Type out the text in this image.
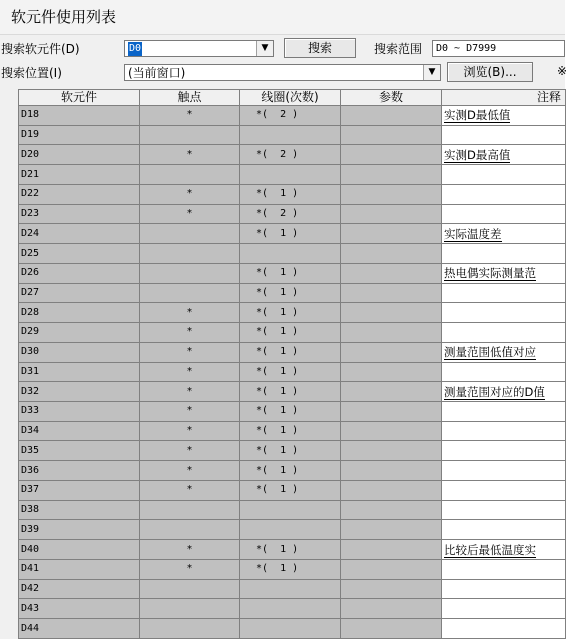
软元件使用列表
搜索软元件(D)	D0	▼	搜索	搜索范围	D0 ~ D7999
搜索位置(I)	(当前窗口)	▼	浏览(B)...	※
软元件	触点	线圈(次数)	参数	注释
D18	*	*(  2 )		实测D最低值
D19				
D20	*	*(  2 )		实测D最高值
D21				
D22	*	*(  1 )		
D23	*	*(  2 )		
D24		*(  1 )		实际温度差
D25				
D26		*(  1 )		热电偶实际测量范
D27		*(  1 )		
D28	*	*(  1 )		
D29	*	*(  1 )		
D30	*	*(  1 )		测量范围低值对应
D31	*	*(  1 )		
D32	*	*(  1 )		测量范围对应的D值
D33	*	*(  1 )		
D34	*	*(  1 )		
D35	*	*(  1 )		
D36	*	*(  1 )		
D37	*	*(  1 )		
D38				
D39				
D40	*	*(  1 )		比较后最低温度实
D41	*	*(  1 )		
D42				
D43				
D44				
